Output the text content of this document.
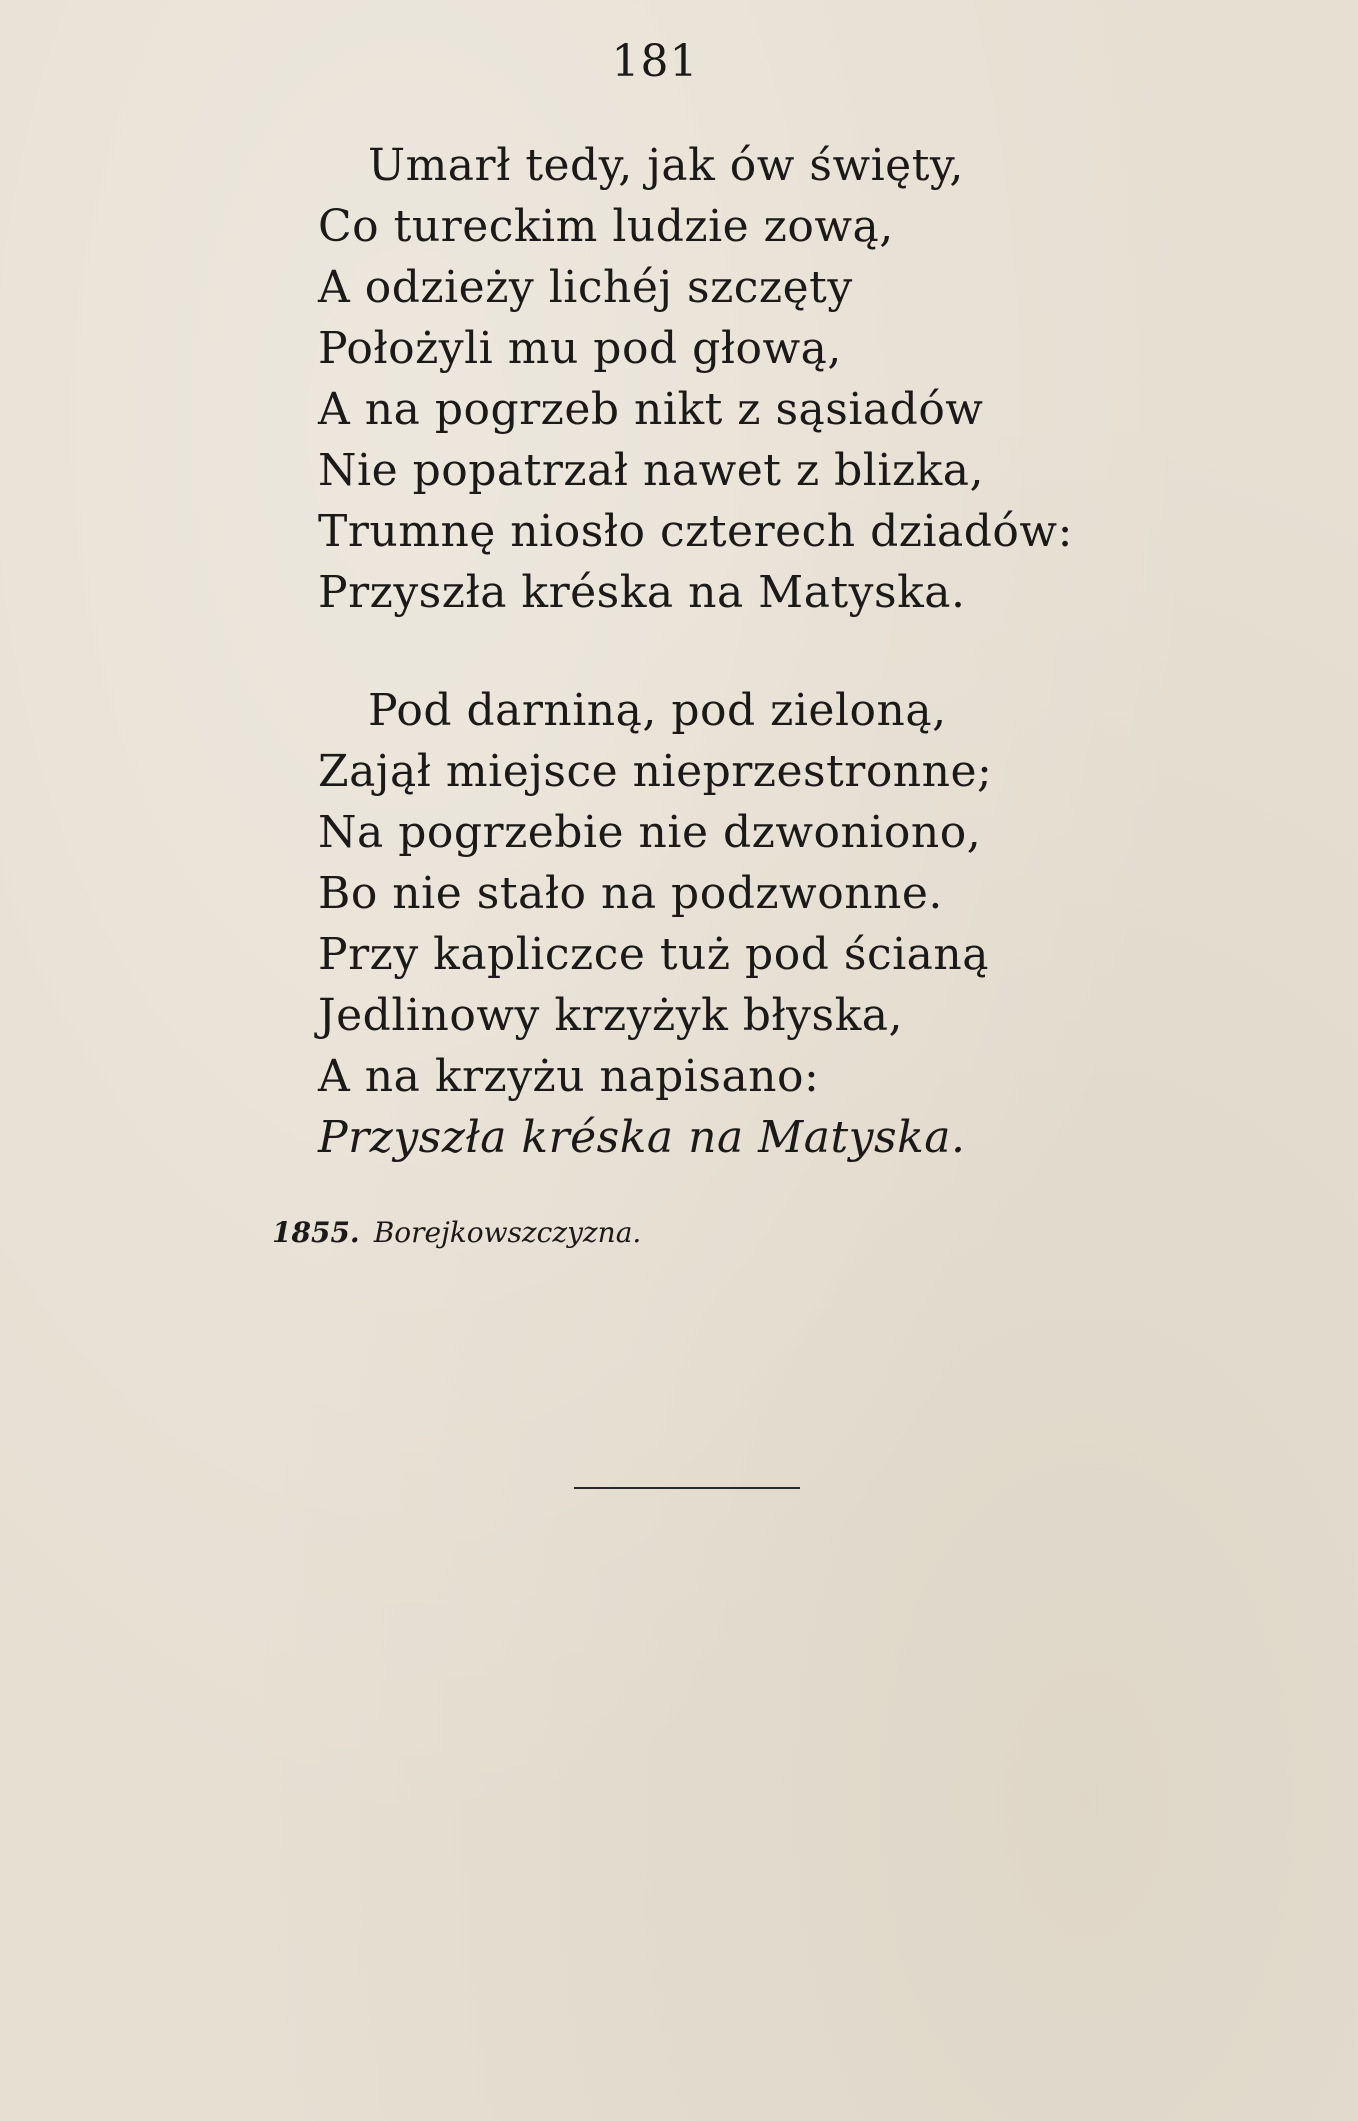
181
Umarł tedy, jak ów święty,
Co tureckim ludzie zową,
A odzieży lichéj szczęty
Położyli mu pod głową,
A na pogrzeb nikt z sąsiadów
Nie popatrzał nawet z blizka,
Trumnę niosło czterech dziadów:
Przyszła kréska na Matyska.
Pod darniną, pod zieloną,
Zajął miejsce nieprzestronne;
Na pogrzebie nie dzwoniono,
Bo nie stało na podzwonne.
Przy kapliczce tuż pod ścianą
Jedlinowy krzyżyk błyska,
A na krzyżu napisano:
Przyszła kréska na Matyska.
1855. Borejkowszczyzna.
